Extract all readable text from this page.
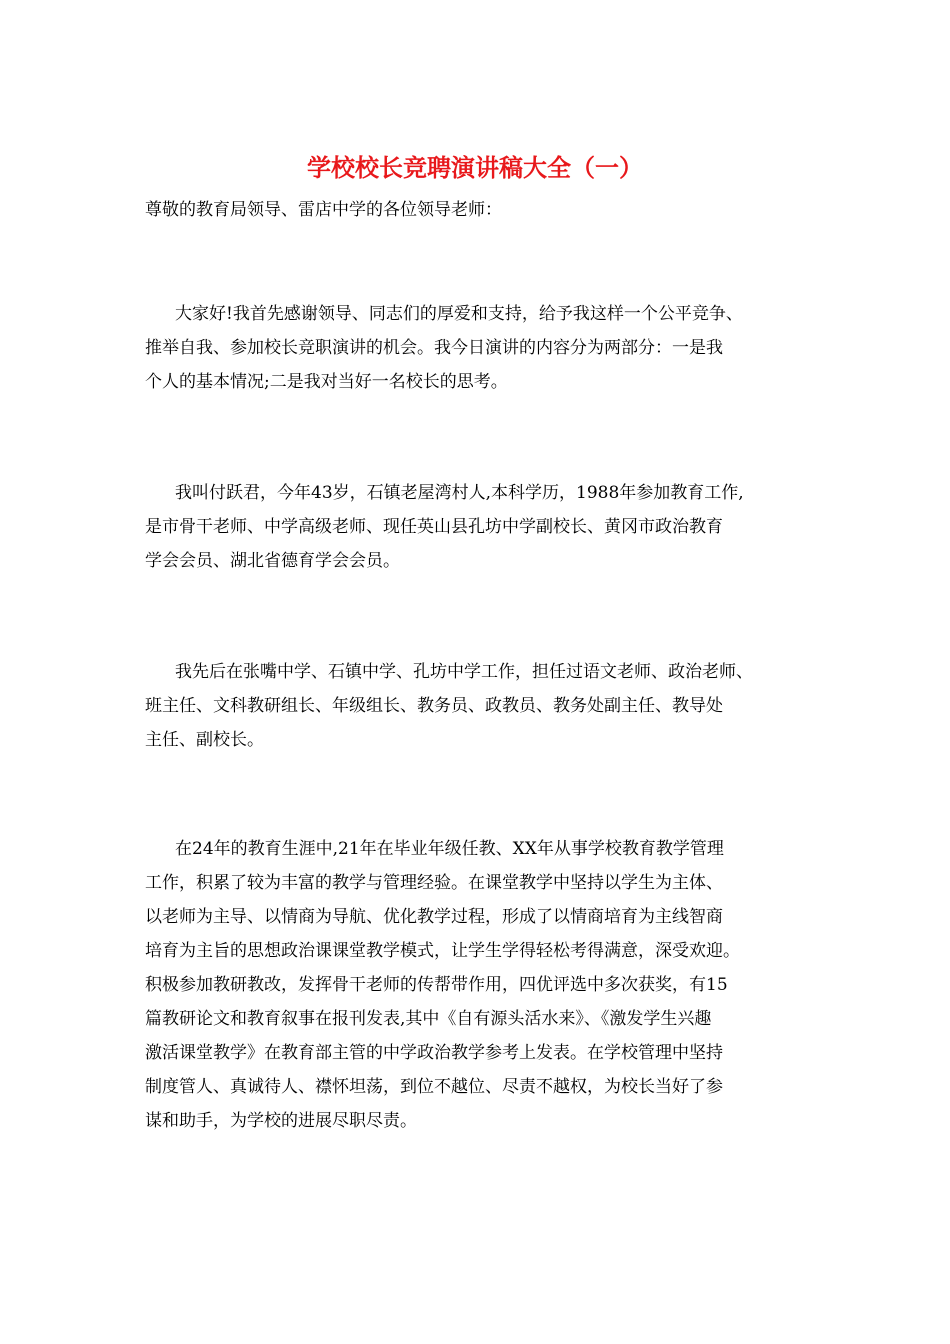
学校校长竞聘演讲稿大全（一）
尊敬的教育局领导、雷店中学的各位领导老师：
大家好!我首先感谢领导、同志们的厚爱和支持，给予我这样一个公平竞争、
推举自我、参加校长竞职演讲的机会。我今日演讲的内容分为两部分：一是我
个人的基本情况;二是我对当好一名校长的思考。
我叫付跃君，今年43岁，石镇老屋湾村人,本科学历，1988年参加教育工作,
是市骨干老师、中学高级老师、现任英山县孔坊中学副校长、黄冈市政治教育
学会会员、湖北省德育学会会员。
我先后在张嘴中学、石镇中学、孔坊中学工作，担任过语文老师、政治老师、
班主任、文科教研组长、年级组长、教务员、政教员、教务处副主任、教导处
主任、副校长。
在24年的教育生涯中,21年在毕业年级任教、XX年从事学校教育教学管理
工作，积累了较为丰富的教学与管理经验。在课堂教学中坚持以学生为主体、
以老师为主导、以情商为导航、优化教学过程，形成了以情商培育为主线智商
培育为主旨的思想政治课课堂教学模式，让学生学得轻松考得满意，深受欢迎。
积极参加教研教改，发挥骨干老师的传帮带作用，四优评选中多次获奖，有15
篇教研论文和教育叙事在报刊发表,其中《自有源头活水来》、《激发学生兴趣
激活课堂教学》在教育部主管的中学政治教学参考上发表。在学校管理中坚持
制度管人、真诚待人、襟怀坦荡，到位不越位、尽责不越权，为校长当好了参
谋和助手，为学校的进展尽职尽责。
